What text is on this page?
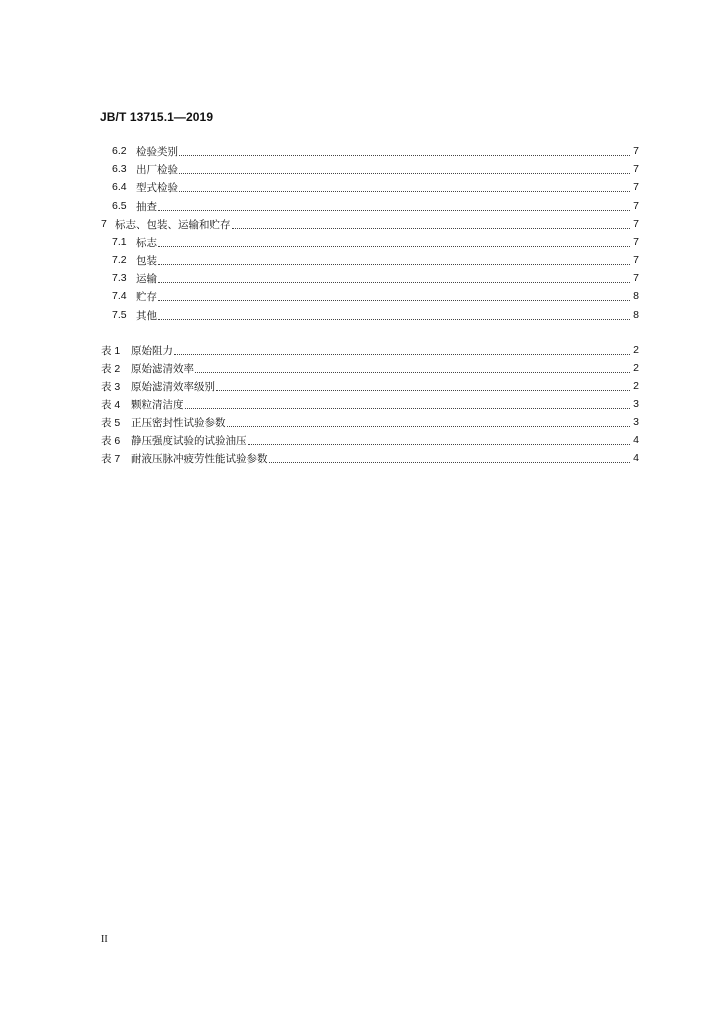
JB/T 13715.1—2019
6.2 检验类别	7
6.3 出厂检验	7
6.4 型式检验	7
6.5 抽查	7
7 标志、包装、运输和贮存	7
7.1 标志	7
7.2 包装	7
7.3 运输	7
7.4 贮存	8
7.5 其他	8
表 1	原始阻力	2
表 2	原始滤清效率	2
表 3	原始滤清效率级别	2
表 4	颗粒清洁度	3
表 5	正压密封性试验参数	3
表 6	静压强度试验的试验油压	4
表 7	耐液压脉冲疲劳性能试验参数	4
II
